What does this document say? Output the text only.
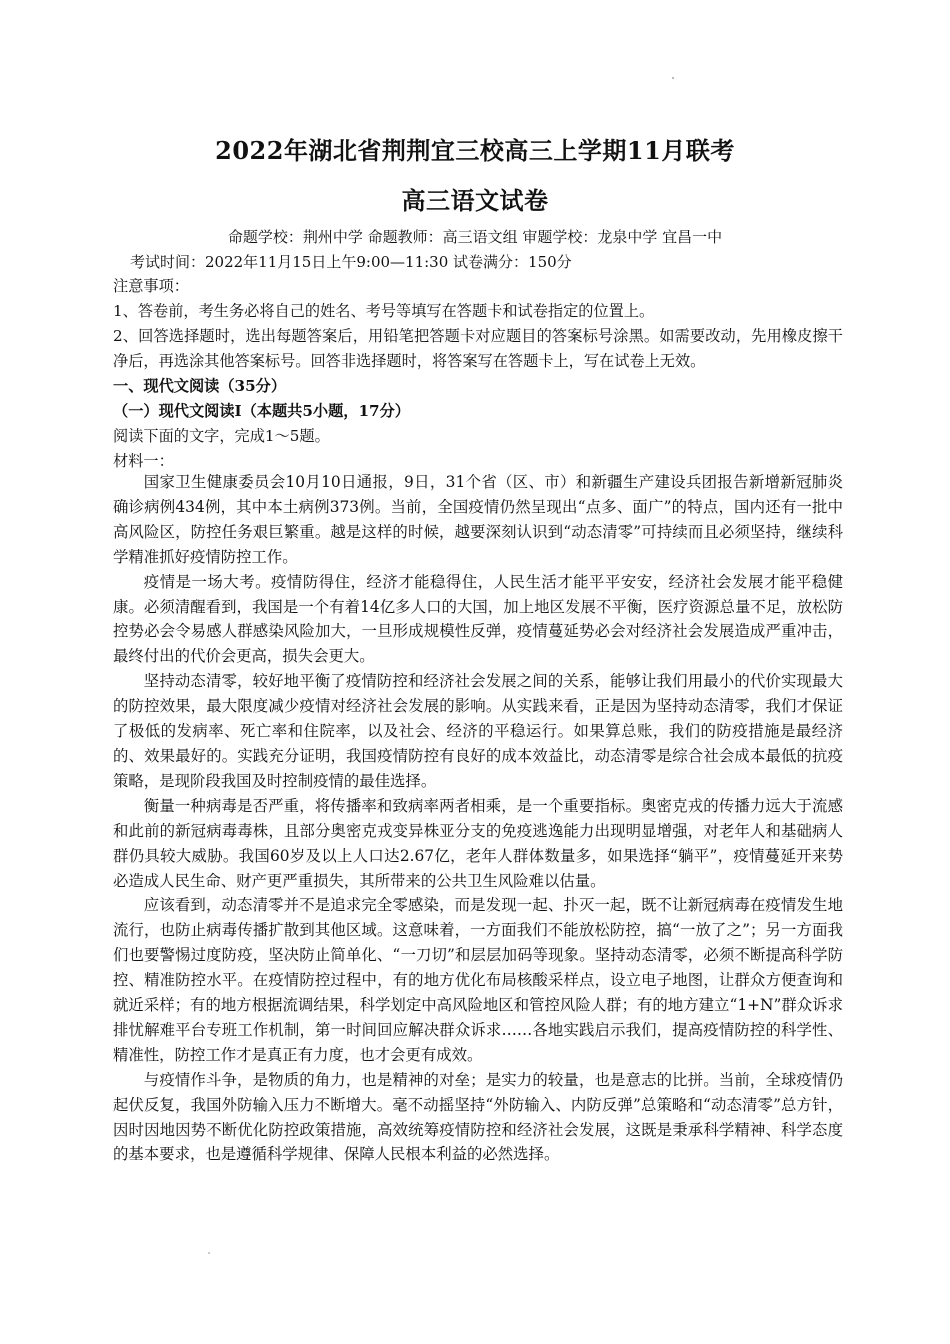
2022年湖北省荆荆宜三校高三上学期11月联考
高三语文试卷
命题学校：荆州中学 命题教师：高三语文组 审题学校：龙泉中学 宜昌一中
考试时间：2022年11月15日上午9:00—11:30 试卷满分：150分

注意事项：

1、答卷前，考生务必将自己的姓名、考号等填写在答题卡和试卷指定的位置上。

2、回答选择题时，选出每题答案后，用铅笔把答题卡对应题目的答案标号涂黑。如需要改动，先用橡皮擦干净后，再选涂其他答案标号。回答非选择题时，将答案写在答题卡上，写在试卷上无效。

一、现代文阅读（35分）

（一）现代文阅读I（本题共5小题，17分）

阅读下面的文字，完成1～5题。

材料一：

国家卫生健康委员会10月10日通报，9日，31个省（区、市）和新疆生产建设兵团报告新增新冠肺炎确诊病例434例，其中本土病例373例。当前，全国疫情仍然呈现出“点多、面广”的特点，国内还有一批中高风险区，防控任务艰巨繁重。越是这样的时候，越要深刻认识到“动态清零”可持续而且必须坚持，继续科学精准抓好疫情防控工作。

疫情是一场大考。疫情防得住，经济才能稳得住，人民生活才能平平安安，经济社会发展才能平稳健康。必须清醒看到，我国是一个有着14亿多人口的大国，加上地区发展不平衡，医疗资源总量不足，放松防控势必会令易感人群感染风险加大，一旦形成规模性反弹，疫情蔓延势必会对经济社会发展造成严重冲击，最终付出的代价会更高，损失会更大。

坚持动态清零，较好地平衡了疫情防控和经济社会发展之间的关系，能够让我们用最小的代价实现最大的防控效果，最大限度减少疫情对经济社会发展的影响。从实践来看，正是因为坚持动态清零，我们才保证了极低的发病率、死亡率和住院率，以及社会、经济的平稳运行。如果算总账，我们的防疫措施是最经济的、效果最好的。实践充分证明，我国疫情防控有良好的成本效益比，动态清零是综合社会成本最低的抗疫策略，是现阶段我国及时控制疫情的最佳选择。

衡量一种病毒是否严重，将传播率和致病率两者相乘，是一个重要指标。奥密克戎的传播力远大于流感和此前的新冠病毒毒株，且部分奥密克戎变异株亚分支的免疫逃逸能力出现明显增强，对老年人和基础病人群仍具较大威胁。我国60岁及以上人口达2.67亿，老年人群体数量多，如果选择“躺平”，疫情蔓延开来势必造成人民生命、财产更严重损失，其所带来的公共卫生风险难以估量。

应该看到，动态清零并不是追求完全零感染，而是发现一起、扑灭一起，既不让新冠病毒在疫情发生地流行，也防止病毒传播扩散到其他区域。这意味着，一方面我们不能放松防控，搞“一放了之”；另一方面我们也要警惕过度防疫，坚决防止简单化、“一刀切”和层层加码等现象。坚持动态清零，必须不断提高科学防控、精准防控水平。在疫情防控过程中，有的地方优化布局核酸采样点，设立电子地图，让群众方便查询和就近采样；有的地方根据流调结果，科学划定中高风险地区和管控风险人群；有的地方建立“1+N”群众诉求排忧解难平台专班工作机制，第一时间回应解决群众诉求……各地实践启示我们，提高疫情防控的科学性、精准性，防控工作才是真正有力度，也才会更有成效。

与疫情作斗争，是物质的角力，也是精神的对垒；是实力的较量，也是意志的比拼。当前，全球疫情仍起伏反复，我国外防输入压力不断增大。毫不动摇坚持“外防输入、内防反弹”总策略和“动态清零”总方针，因时因地因势不断优化防控政策措施，高效统筹疫情防控和经济社会发展，这既是秉承科学精神、科学态度的基本要求，也是遵循科学规律、保障人民根本利益的必然选择。
